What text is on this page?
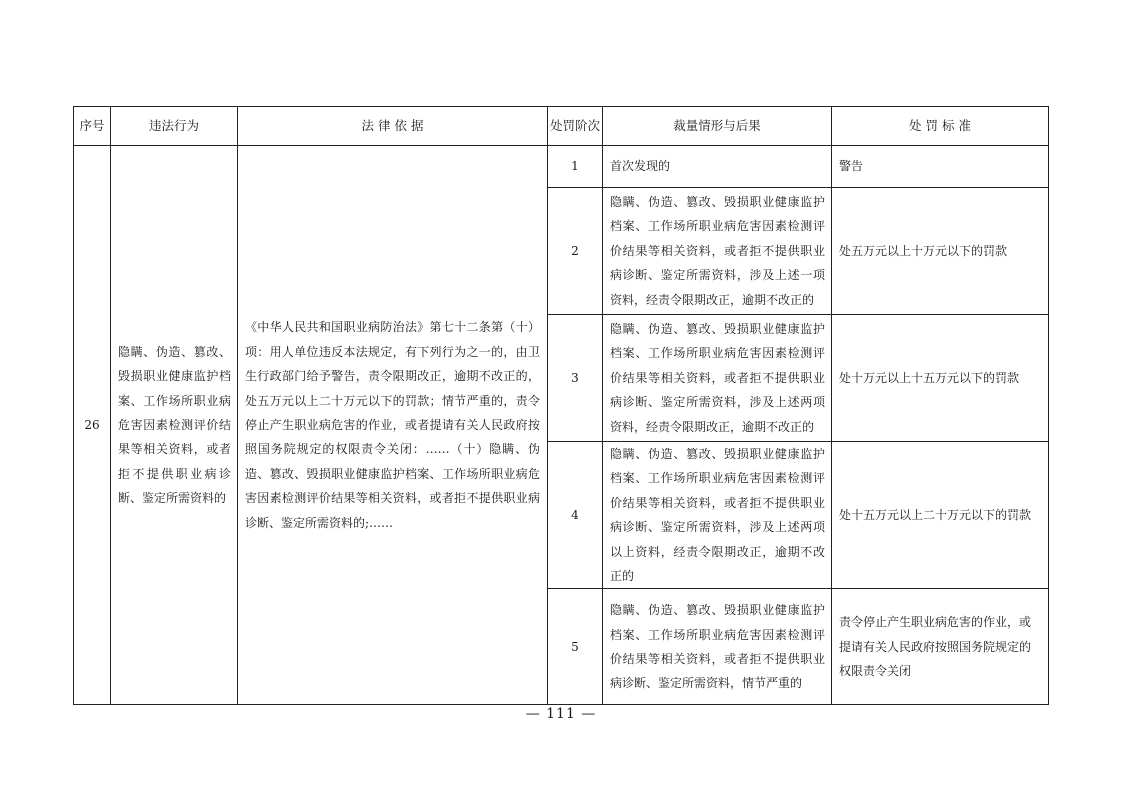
序号	违法行为	法 律 依 据	处罚阶次	裁量情形与后果	处 罚 标 准
26	隐瞒、伪造、篡改、毁损职业健康监护档案、工作场所职业病危害因素检测评价结果等相关资料，或者拒不提供职业病诊断、鉴定所需资料的	《中华人民共和国职业病防治法》第七十二条第（十）项：用人单位违反本法规定，有下列行为之一的，由卫生行政部门给予警告，责令限期改正，逾期不改正的，处五万元以上二十万元以下的罚款；情节严重的，责令停止产生职业病危害的作业，或者提请有关人民政府按照国务院规定的权限责令关闭：……（十）隐瞒、伪造、篡改、毁损职业健康监护档案、工作场所职业病危害因素检测评价结果等相关资料，或者拒不提供职业病诊断、鉴定所需资料的;……	1	首次发现的	警告
			2	隐瞒、伪造、篡改、毁损职业健康监护档案、工作场所职业病危害因素检测评价结果等相关资料，或者拒不提供职业病诊断、鉴定所需资料，涉及上述一项资料，经责令限期改正，逾期不改正的	处五万元以上十万元以下的罚款
			3	隐瞒、伪造、篡改、毁损职业健康监护档案、工作场所职业病危害因素检测评价结果等相关资料，或者拒不提供职业病诊断、鉴定所需资料，涉及上述两项资料，经责令限期改正，逾期不改正的	处十万元以上十五万元以下的罚款
			4	隐瞒、伪造、篡改、毁损职业健康监护档案、工作场所职业病危害因素检测评价结果等相关资料，或者拒不提供职业病诊断、鉴定所需资料，涉及上述两项以上资料，经责令限期改正，逾期不改正的	处十五万元以上二十万元以下的罚款
			5	隐瞒、伪造、篡改、毁损职业健康监护档案、工作场所职业病危害因素检测评价结果等相关资料，或者拒不提供职业病诊断、鉴定所需资料，情节严重的	责令停止产生职业病危害的作业，或提请有关人民政府按照国务院规定的权限责令关闭
— 111 —
